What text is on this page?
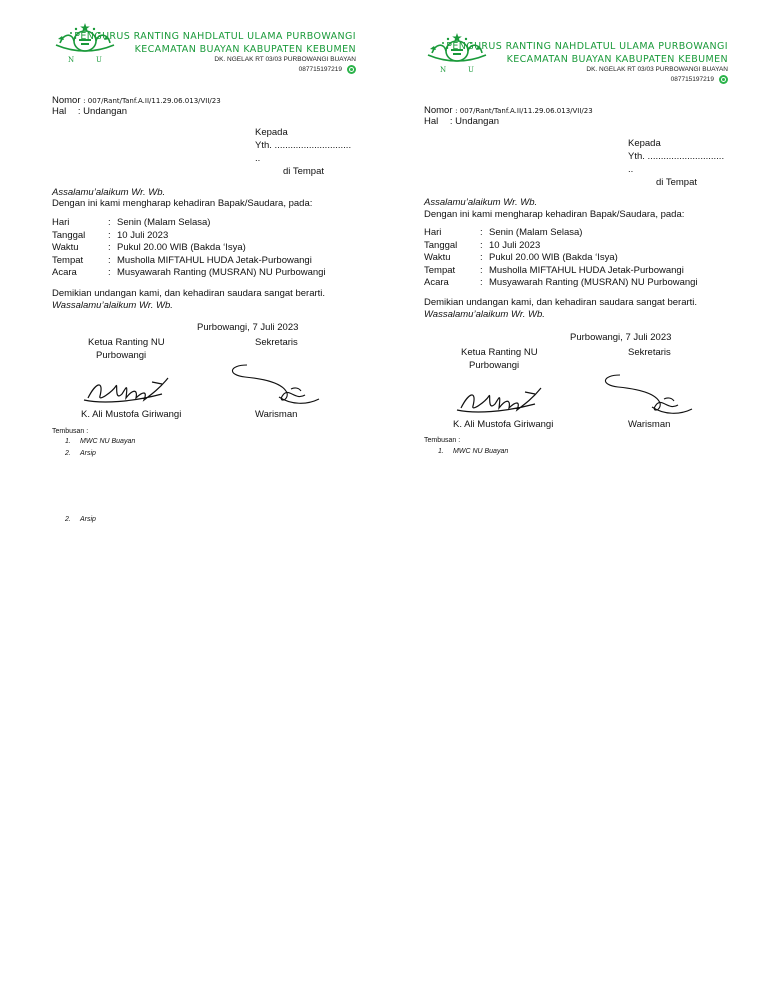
N	U
PENGURUS RANTING NAHDLATUL ULAMA PURBOWANGI
KECAMATAN BUAYAN KABUPATEN KEBUMEN
DK. NGELAK RT 03/03 PURBOWANGI BUAYAN
087715197219
Nomor : 007/Rant/Tanf.A.II/11.29.06.013/VII/23
Hal : Undangan
Kepada
Yth. .............................
..
di Tempat
Assalamu’alaikum Wr. Wb.
Dengan ini kami mengharap kehadiran Bapak/Saudara, pada:
Hari	:	Senin (Malam Selasa)
Tanggal	:	10 Juli 2023
Waktu	:	Pukul 20.00 WIB (Bakda ‘Isya)
Tempat	:	Musholla MIFTAHUL HUDA Jetak-Purbowangi
Acara	:	Musyawarah Ranting (MUSRAN) NU Purbowangi
Demikian undangan kami, dan kehadiran saudara sangat berarti.
Wassalamu’alaikum Wr. Wb.
Purbowangi, 7 Juli 2023
Ketua Ranting NU
Purbowangi
Sekretaris
K. Ali Mustofa Giriwangi	Warisman
Tembusan :
1. MWC NU Buayan
2. Arsip
N	U
PENGURUS RANTING NAHDLATUL ULAMA PURBOWANGI
KECAMATAN BUAYAN KABUPATEN KEBUMEN
DK. NGELAK RT 03/03 PURBOWANGI BUAYAN
087715197219
Nomor : 007/Rant/Tanf.A.II/11.29.06.013/VII/23
Hal : Undangan
Kepada
Yth. .............................
..
di Tempat
Assalamu’alaikum Wr. Wb.
Dengan ini kami mengharap kehadiran Bapak/Saudara, pada:
Hari	:	Senin (Malam Selasa)
Tanggal	:	10 Juli 2023
Waktu	:	Pukul 20.00 WIB (Bakda ‘Isya)
Tempat	:	Musholla MIFTAHUL HUDA Jetak-Purbowangi
Acara	:	Musyawarah Ranting (MUSRAN) NU Purbowangi
Demikian undangan kami, dan kehadiran saudara sangat berarti.
Wassalamu’alaikum Wr. Wb.
Purbowangi, 7 Juli 2023
Ketua Ranting NU
Purbowangi
Sekretaris
K. Ali Mustofa Giriwangi	Warisman
Tembusan :
1. MWC NU Buayan
2. Arsip
